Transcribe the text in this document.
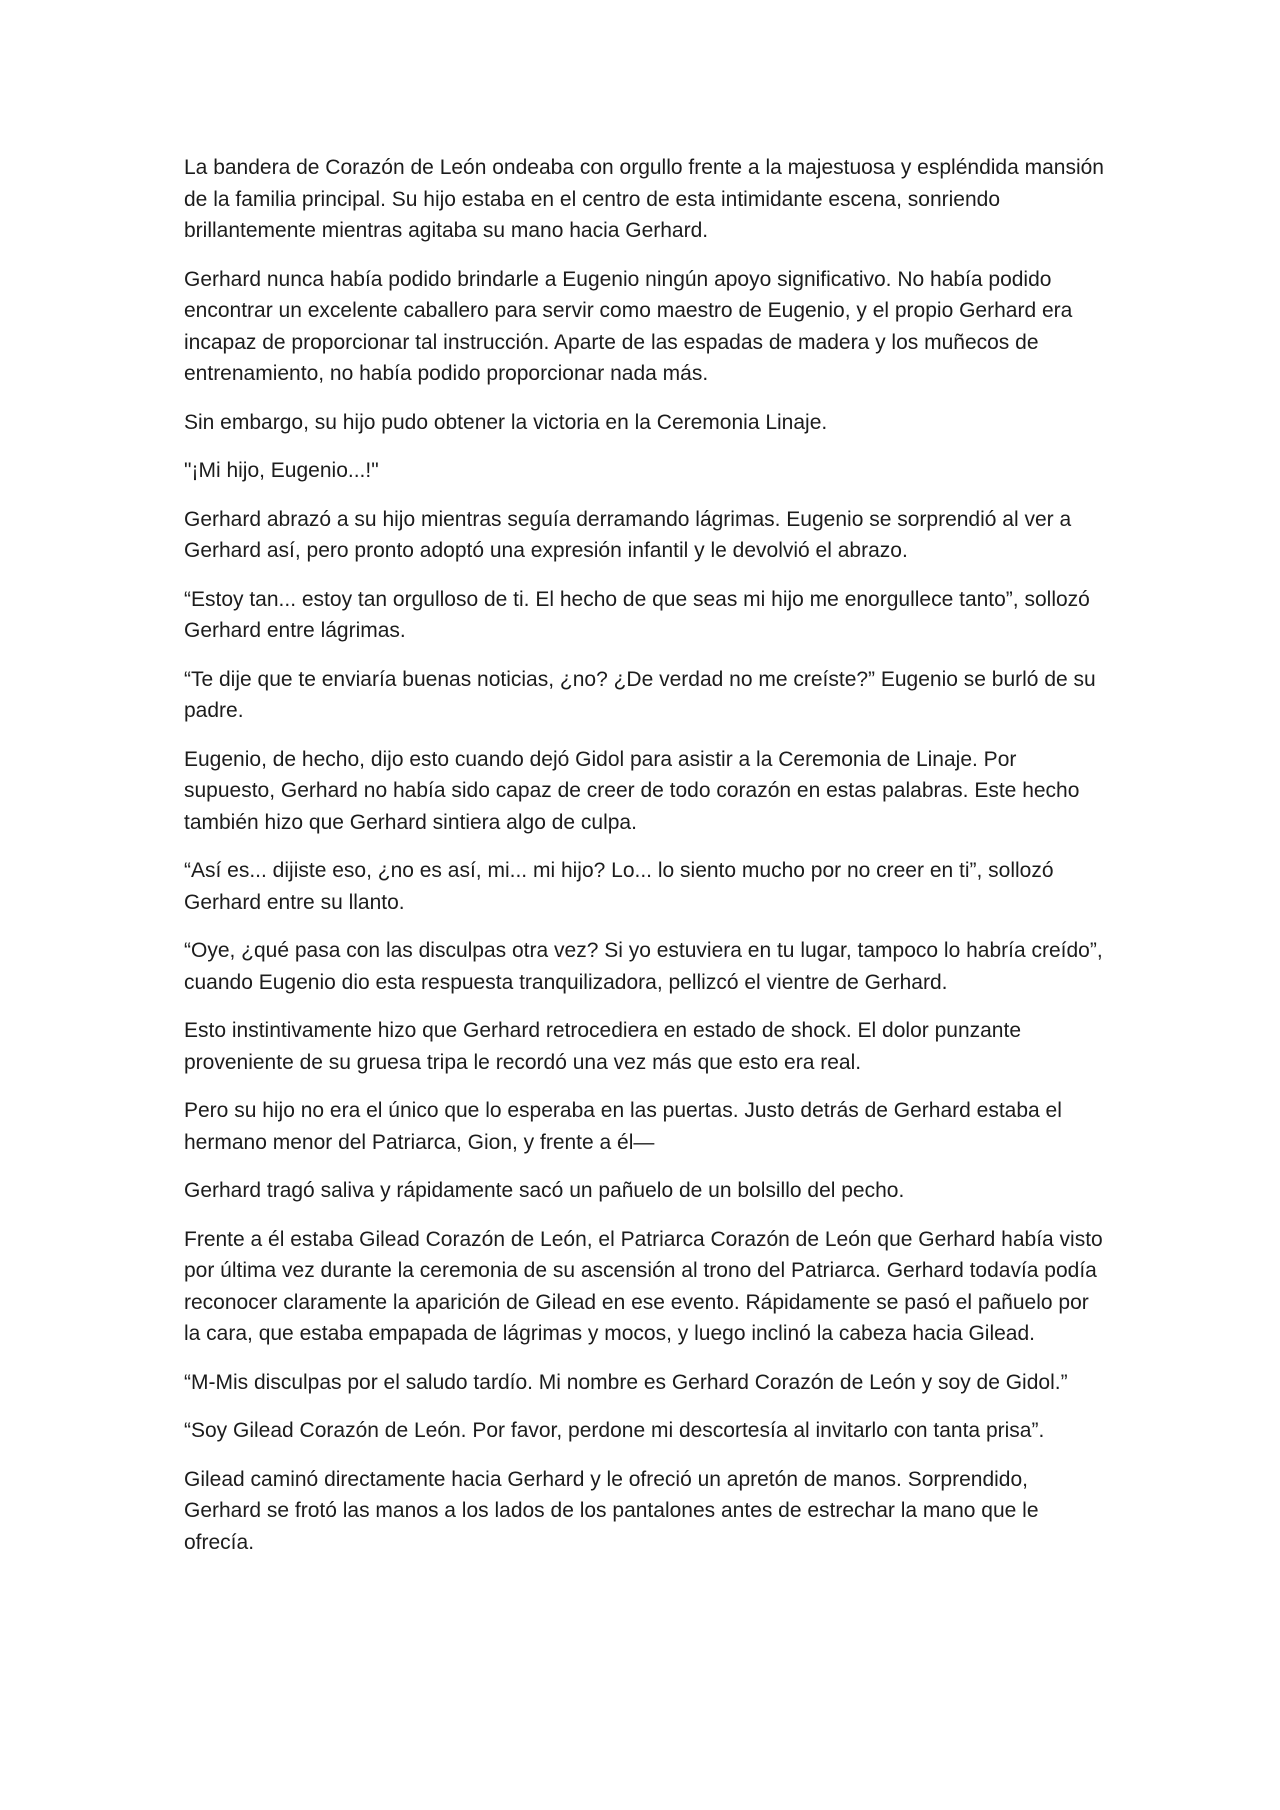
La bandera de Corazón de León ondeaba con orgullo frente a la majestuosa y espléndida mansión de la familia principal. Su hijo estaba en el centro de esta intimidante escena, sonriendo brillantemente mientras agitaba su mano hacia Gerhard.

Gerhard nunca había podido brindarle a Eugenio ningún apoyo significativo. No había podido encontrar un excelente caballero para servir como maestro de Eugenio, y el propio Gerhard era incapaz de proporcionar tal instrucción. Aparte de las espadas de madera y los muñecos de entrenamiento, no había podido proporcionar nada más.

Sin embargo, su hijo pudo obtener la victoria en la Ceremonia Linaje.

"¡Mi hijo, Eugenio...!"

Gerhard abrazó a su hijo mientras seguía derramando lágrimas. Eugenio se sorprendió al ver a Gerhard así, pero pronto adoptó una expresión infantil y le devolvió el abrazo.

“Estoy tan... estoy tan orgulloso de ti. El hecho de que seas mi hijo me enorgullece tanto”, sollozó Gerhard entre lágrimas.

“Te dije que te enviaría buenas noticias, ¿no? ¿De verdad no me creíste?” Eugenio se burló de su padre.

Eugenio, de hecho, dijo esto cuando dejó Gidol para asistir a la Ceremonia de Linaje. Por supuesto, Gerhard no había sido capaz de creer de todo corazón en estas palabras. Este hecho también hizo que Gerhard sintiera algo de culpa.

“Así es... dijiste eso, ¿no es así, mi... mi hijo? Lo... lo siento mucho por no creer en ti”, sollozó Gerhard entre su llanto.

“Oye, ¿qué pasa con las disculpas otra vez? Si yo estuviera en tu lugar, tampoco lo habría creído”, cuando Eugenio dio esta respuesta tranquilizadora, pellizcó el vientre de Gerhard.

Esto instintivamente hizo que Gerhard retrocediera en estado de shock. El dolor punzante proveniente de su gruesa tripa le recordó una vez más que esto era real.

Pero su hijo no era el único que lo esperaba en las puertas. Justo detrás de Gerhard estaba el hermano menor del Patriarca, Gion, y frente a él—

Gerhard tragó saliva y rápidamente sacó un pañuelo de un bolsillo del pecho.

Frente a él estaba Gilead Corazón de León, el Patriarca Corazón de León que Gerhard había visto por última vez durante la ceremonia de su ascensión al trono del Patriarca. Gerhard todavía podía reconocer claramente la aparición de Gilead en ese evento. Rápidamente se pasó el pañuelo por la cara, que estaba empapada de lágrimas y mocos, y luego inclinó la cabeza hacia Gilead.

“M-Mis disculpas por el saludo tardío. Mi nombre es Gerhard Corazón de León y soy de Gidol.”

“Soy Gilead Corazón de León. Por favor, perdone mi descortesía al invitarlo con tanta prisa”.

Gilead caminó directamente hacia Gerhard y le ofreció un apretón de manos. Sorprendido, Gerhard se frotó las manos a los lados de los pantalones antes de estrechar la mano que le ofrecía.
